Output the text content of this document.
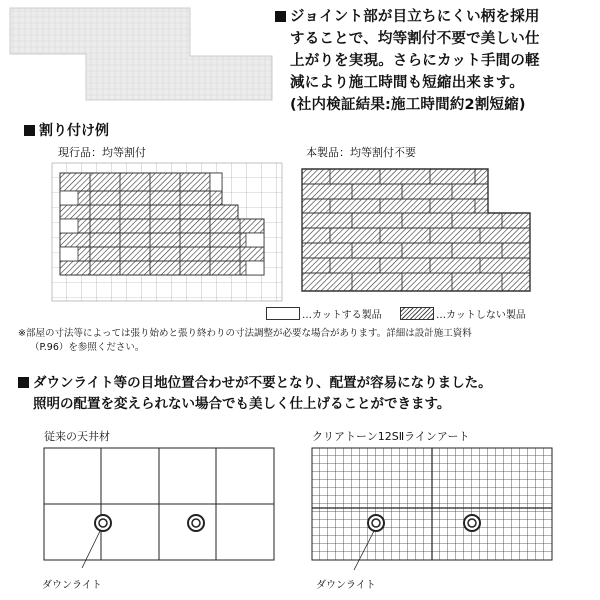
ジョイント部が目立ちにくい柄を採用
することで、均等割付不要で美しい仕
上がりを実現。さらにカット手間の軽
減により施工時間も短縮出来ます。
(社内検証結果:施工時間約2割短縮)
割り付け例
現行品：均等割付	本製品：均等割付不要
…カットする製品	…カットしない製品
※部屋の寸法等によっては張り始めと張り終わりの寸法調整が必要な場合があります。詳細は設計施工資料
（P.96）を参照ください。
ダウンライト等の目地位置合わせが不要となり、配置が容易になりました。
照明の配置を変えられない場合でも美しく仕上げることができます。
従来の天井材	クリアトーン12SⅡラインアート
ダウンライト	ダウンライト
